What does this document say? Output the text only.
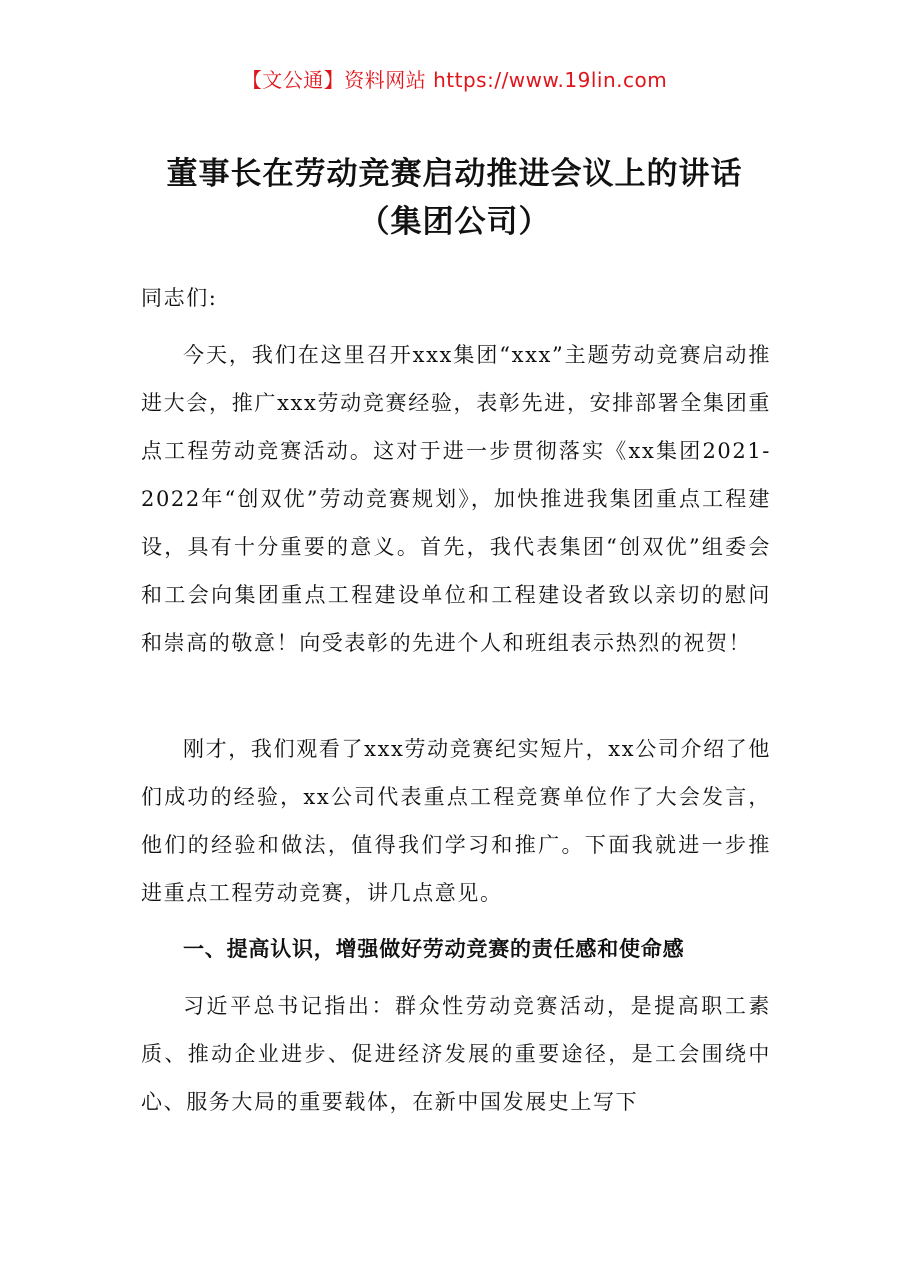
【文公通】资料网站 https://www.19lin.com
董事长在劳动竞赛启动推进会议上的讲话
（集团公司）
同志们:

今天，我们在这里召开xxx集团“xxx”主题劳动竞赛启动推进大会，推广xxx劳动竞赛经验，表彰先进，安排部署全集团重点工程劳动竞赛活动。这对于进一步贯彻落实《xx集团2021-2022年“创双优”劳动竞赛规划》，加快推进我集团重点工程建设，具有十分重要的意义。首先，我代表集团“创双优”组委会和工会向集团重点工程建设单位和工程建设者致以亲切的慰问和崇高的敬意！向受表彰的先进个人和班组表示热烈的祝贺！

刚才，我们观看了xxx劳动竞赛纪实短片，xx公司介绍了他们成功的经验，xx公司代表重点工程竞赛单位作了大会发言，他们的经验和做法，值得我们学习和推广。下面我就进一步推进重点工程劳动竞赛，讲几点意见。

一、提高认识，增强做好劳动竞赛的责任感和使命感

习近平总书记指出：群众性劳动竞赛活动，是提高职工素质、推动企业进步、促进经济发展的重要途径，是工会围绕中心、服务大局的重要载体，在新中国发展史上写下
